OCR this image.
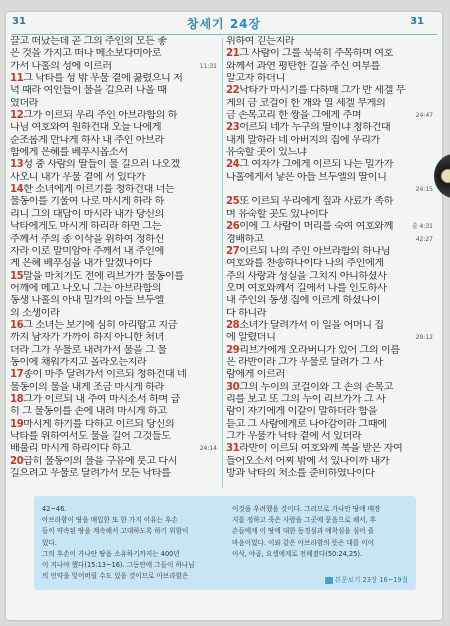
31	창세기 24장	31
끌고 떠났는데 곧 그의 주인의 모든 좋
은 것을 가지고 떠나 메소보다미아로
11:31
가서 나홀의 성에 이르러
11그 낙타를 성 밖 우물 곁에 꿇렸으니 저
녁 때라 여인들이 물을 길으러 나올 때
였더라
12그가 이르되 우리 주인 아브라함의 하
나님 여호와여 원하건대 오늘 나에게
순조롭게 만나게 하사 내 주인 아브라
함에게 은혜를 베푸시옵소서
13성 중 사람의 딸들이 물 길으러 나오겠
사오니 내가 우물 곁에 서 있다가
14한 소녀에게 이르기를 청하건대 너는
물동이를 기울여 나로 마시게 하라 하
리니 그의 대답이 마시라 내가 당신의
낙타에게도 마시게 하리라 하면 그는
주께서 주의 종 이삭을 위하여 정하신
자라 이로 말미암아 주께서 내 주인에
게 은혜 베푸심을 내가 알겠나이다
15말을 마치기도 전에 리브가가 물동이를
어깨에 메고 나오니 그는 아브라함의
동생 나홀의 아내 밀가의 아들 브두엘
의 소생이라
16그 소녀는 보기에 심히 아리땁고 지금
까지 남자가 가까이 하지 아니한 처녀
더라 그가 우물로 내려가서 물을 그 물
동이에 채워가지고 올라오는지라
17종이 마주 달려가서 이르되 청하건대 네
물동이의 물을 내게 조금 마시게 하라
18그가 이르되 내 주여 마시소서 하며 급
히 그 물동이를 손에 내려 마시게 하고
19마시게 하기를 다하고 이르되 당신의
낙타를 위하여서도 물을 길어 그것들도
24:14
배불리 마시게 하리이다 하고
20급히 물동이의 물을 구유에 붓고 다시
길으려고 우물로 달려가서 모든 낙타를
위하여 긷는지라
21그 사람이 그를 묵묵히 주목하며 여호
와께서 과연 평탄한 길을 주신 여부를
알고자 하더니
22낙타가 마시기를 다하매 그가 반 세겔 무
게의 금 코걸이 한 개와 열 세겔 무게의
24:47
금 손목고리 한 쌍을 그에게 주며
23이르되 네가 누구의 딸이냐 청하건대
내게 말하라 네 아버지의 집에 우리가
유숙할 곳이 있느냐
24그 여자가 그에게 이르되 나는 밀가가
나홀에게서 낳은 아들 브두엘의 딸이니
24:15
25또 이르되 우리에게 짚과 사료가 족하
며 유숙할 곳도 있나이다
출 4:31
26이에 그 사람이 머리를 숙여 여호와께
42:27
경배하고
27이르되 나의 주인 아브라함의 하나님
여호와를 찬송하나이다 나의 주인에게
주의 사랑과 성실을 그치지 아니하셨사
오며 여호와께서 길에서 나를 인도하사
내 주인의 동생 집에 이르게 하셨나이
다 하니라
28소녀가 달려가서 이 일을 어머니 집
29:12
에 알렸더니
29리브가에게 오라버니가 있어 그의 이름
은 라반이라 그가 우물로 달려가 그 사
람에게 이르러
30그의 누이의 코걸이와 그 손의 손목고
리를 보고 또 그의 누이 리브가가 그 사
람이 자기에게 이같이 말하더라 함을
듣고 그 사람에게로 나아감이라 그때에
그가 우물가 낙타 곁에 서 있더라
31라반이 이르되 여호와께 복을 받은 자여
들어오소서 어찌 밖에 서 있나이까 내가
방과 낙타의 처소를 준비하였나이다
42~46.
아브라함이 땅을 매입한 또 한 가지 이유는 후손
들이 약속된 땅을 계속해서 고대하도록 하기 위함이
었다.
그의 후손이 가나안 땅을 소유하기까지는 400년
이 지나야 했다(15:13~16). 그동안에 그들이 하나님
의 언약을 잊어버릴 수도 있을 것이므로 아브라함은
이것을 우려했을 것이다. 그러므로 가나안 땅에 매장
지를 정하고 죽은 사람을 그곳에 묻음으로 해서, 후
손들에게 이 땅에 대한 동경심과 애착심을 심어 줄
마음이었다. 이와 같은 아브라함의 뜻은 대를 이어
이삭, 야곱, 요셉에게로 전해졌다(50:24,25).
본문보기 23장 16~19절
